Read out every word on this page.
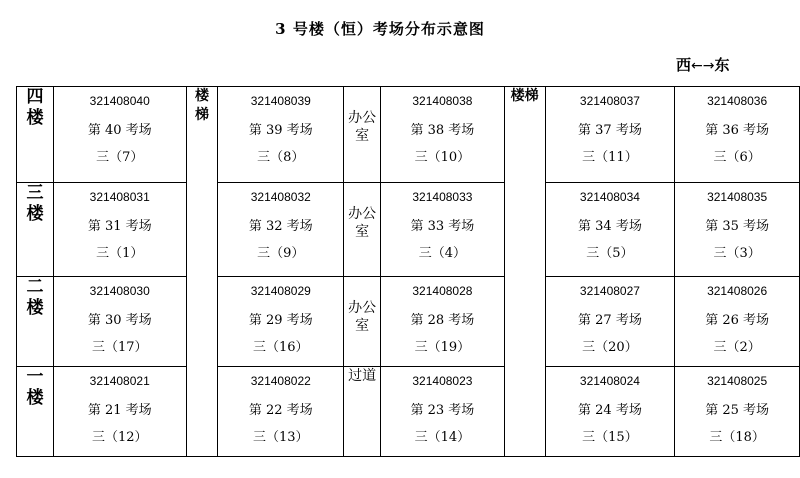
3 号楼（恒）考场分布示意图
西←→东
四楼	321408040
第 40 考场
三（7）	楼梯	321408039
第 39 考场
三（8）	办公室	321408038
第 38 考场
三（10）	楼梯	321408037
第 37 考场
三（11）	321408036
第 36 考场
三（6）

三楼	321408031
第 31 考场
三（1）		321408032
第 32 考场
三（9）	办公室	321408033
第 33 考场
三（4）		321408034
第 34 考场
三（5）	321408035
第 35 考场
三（3）

二楼	321408030
第 30 考场
三（17）		321408029
第 29 考场
三（16）	办公室	321408028
第 28 考场
三（19）		321408027
第 27 考场
三（20）	321408026
第 26 考场
三（2）

一楼	321408021
第 21 考场
三（12）		321408022
第 22 考场
三（13）	过道	321408023
第 23 考场
三（14）		321408024
第 24 考场
三（15）	321408025
第 25 考场
三（18）
